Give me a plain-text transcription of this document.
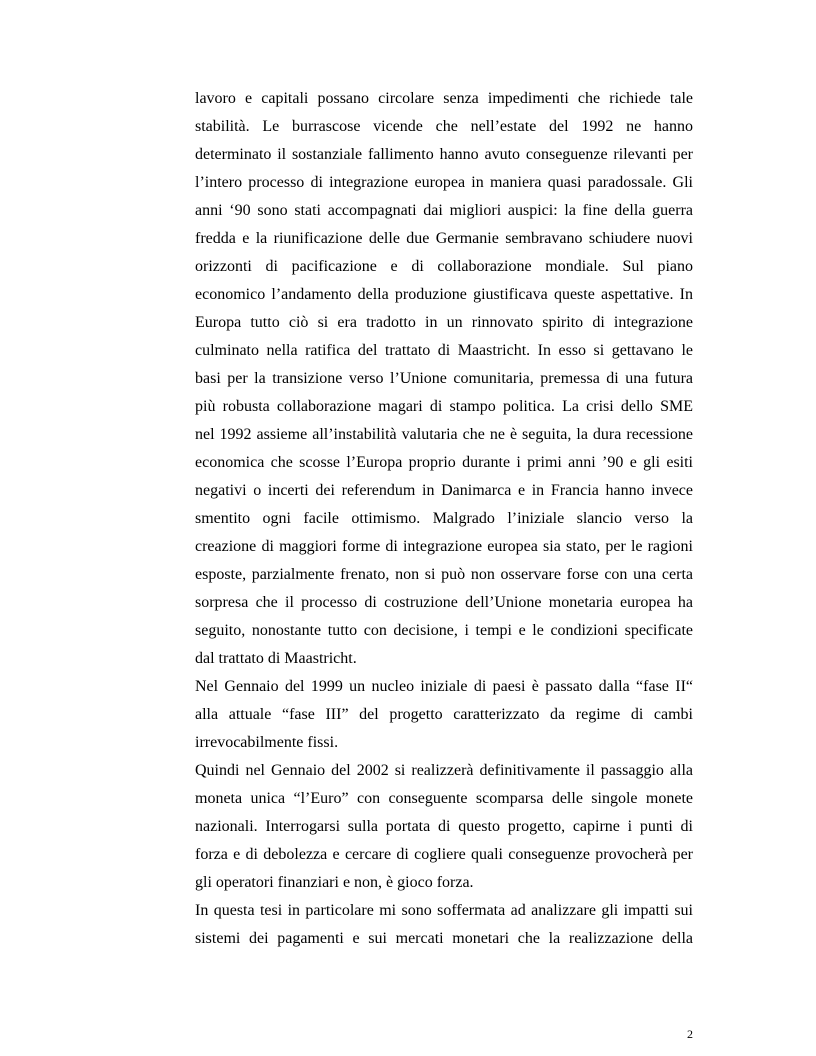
lavoro e capitali possano circolare senza impedimenti che richiede tale
stabilità. Le burrascose vicende che nell’estate del 1992 ne hanno
determinato il sostanziale fallimento hanno avuto conseguenze rilevanti per
l’intero processo di integrazione europea in maniera quasi paradossale. Gli
anni ‘90 sono stati accompagnati dai migliori auspici: la fine della guerra
fredda e la riunificazione delle due Germanie sembravano schiudere nuovi
orizzonti di pacificazione e di collaborazione mondiale. Sul piano
economico l’andamento della produzione giustificava queste aspettative. In
Europa tutto ciò si era tradotto in un rinnovato spirito di integrazione
culminato nella ratifica del trattato di Maastricht. In esso si gettavano le
basi per la transizione verso l’Unione comunitaria, premessa di una futura
più robusta collaborazione magari di stampo politica. La crisi dello SME
nel 1992 assieme all’instabilità valutaria che ne è seguita, la dura recessione
economica che scosse l’Europa proprio durante i primi anni ’90 e gli esiti
negativi o incerti dei referendum in Danimarca e in Francia hanno invece
smentito ogni facile ottimismo. Malgrado l’iniziale slancio verso la
creazione di maggiori forme di integrazione europea sia stato, per le ragioni
esposte, parzialmente frenato, non si può non osservare forse con una certa
sorpresa che il processo di costruzione dell’Unione monetaria europea ha
seguito, nonostante tutto con decisione, i tempi e le condizioni specificate
dal trattato di Maastricht.
Nel Gennaio del 1999 un nucleo iniziale di paesi è passato dalla “fase II“
alla attuale “fase III” del progetto caratterizzato da regime di cambi
irrevocabilmente fissi.
Quindi nel Gennaio del 2002 si realizzerà definitivamente il passaggio alla
moneta unica “l’Euro” con conseguente scomparsa delle singole monete
nazionali. Interrogarsi sulla portata di questo progetto, capirne i punti di
forza e di debolezza e cercare di cogliere quali conseguenze provocherà per
gli operatori finanziari e non, è gioco forza.
In questa tesi in particolare mi sono soffermata ad analizzare gli impatti sui
sistemi dei pagamenti e sui mercati monetari che la realizzazione della
2
